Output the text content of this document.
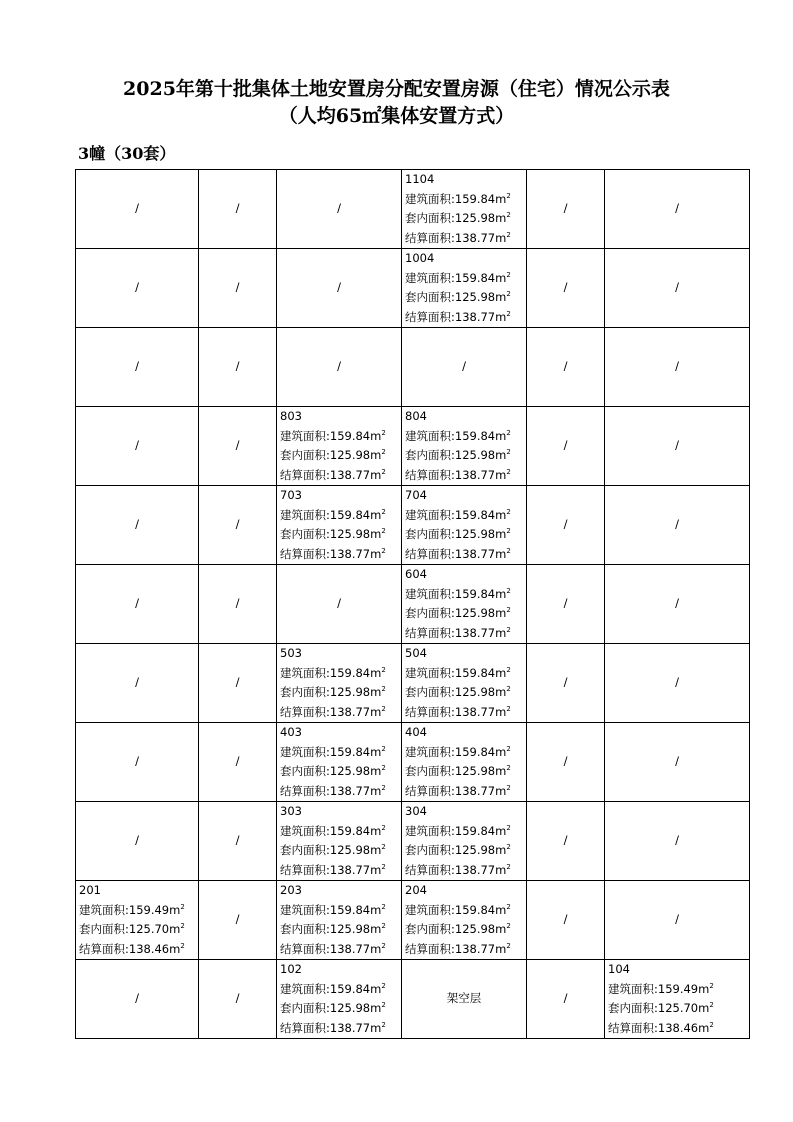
2025年第十批集体土地安置房分配安置房源（住宅）情况公示表
（人均65㎡集体安置方式）
3幢（30套）
/	/	/	1104
建筑面积$:159.84m^2$
套内面积$:125.98m^2$
结算面积$:138.77m^2$	/	/

/	/	/	1004
建筑面积$:159.84m^2$
套内面积$:125.98m^2$
结算面积$:138.77m^2$	/	/

/	/	/	/	/	/

/	/	803
建筑面积$:159.84m^2$
套内面积$:125.98m^2$
结算面积$:138.77m^2$	804
建筑面积$:159.84m^2$
套内面积$:125.98m^2$
结算面积$:138.77m^2$	/	/

/	/	703
建筑面积$:159.84m^2$
套内面积$:125.98m^2$
结算面积$:138.77m^2$	704
建筑面积$:159.84m^2$
套内面积$:125.98m^2$
结算面积$:138.77m^2$	/	/

/	/	/	604
建筑面积$:159.84m^2$
套内面积$:125.98m^2$
结算面积$:138.77m^2$	/	/

/	/	503
建筑面积$:159.84m^2$
套内面积$:125.98m^2$
结算面积$:138.77m^2$	504
建筑面积$:159.84m^2$
套内面积$:125.98m^2$
结算面积$:138.77m^2$	/	/

/	/	403
建筑面积$:159.84m^2$
套内面积$:125.98m^2$
结算面积$:138.77m^2$	404
建筑面积$:159.84m^2$
套内面积$:125.98m^2$
结算面积$:138.77m^2$	/	/

/	/	303
建筑面积$:159.84m^2$
套内面积$:125.98m^2$
结算面积$:138.77m^2$	304
建筑面积$:159.84m^2$
套内面积$:125.98m^2$
结算面积$:138.77m^2$	/	/

201
建筑面积$:159.49m^2$
套内面积$:125.70m^2$
结算面积$:138.46m^2$	/	203
建筑面积$:159.84m^2$
套内面积$:125.98m^2$
结算面积$:138.77m^2$	204
建筑面积$:159.84m^2$
套内面积$:125.98m^2$
结算面积$:138.77m^2$	/	/

/	/	102
建筑面积$:159.84m^2$
套内面积$:125.98m^2$
结算面积$:138.77m^2$	架空层	/	104
建筑面积$:159.49m^2$
套内面积$:125.70m^2$
结算面积$:138.46m^2$
